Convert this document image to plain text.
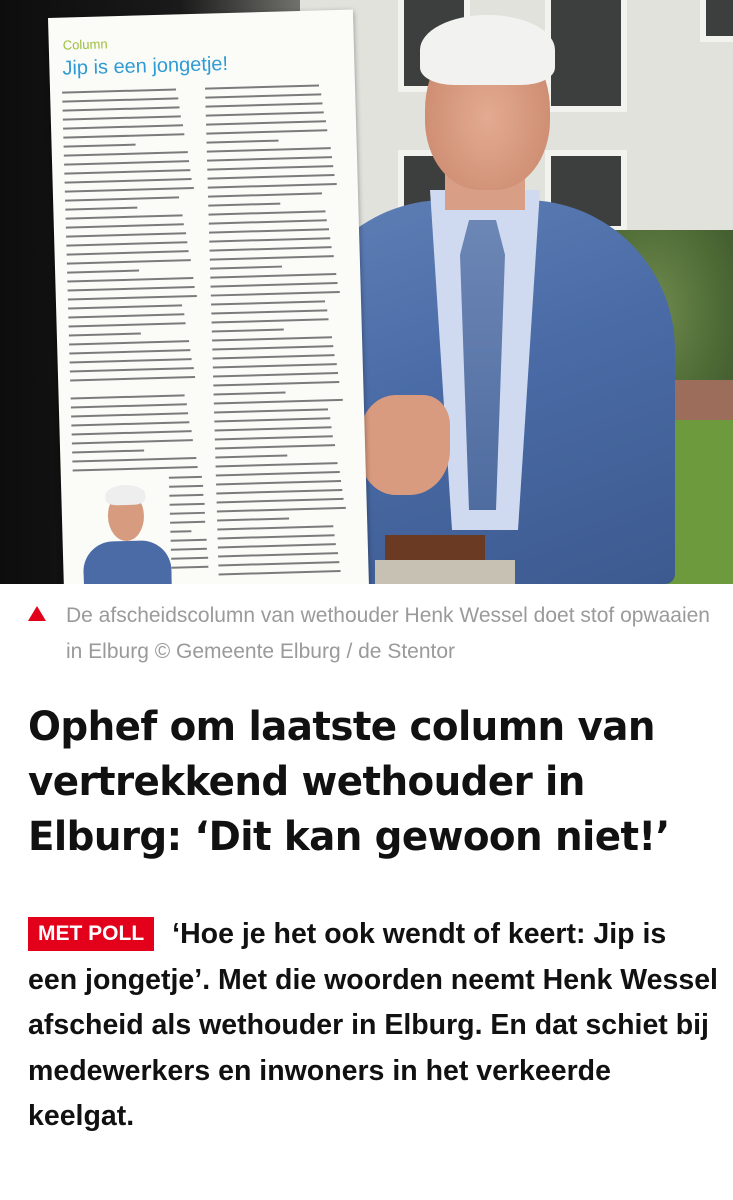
Column
Jip is een jongetje!
De afscheidscolumn van wethouder Henk Wessel doet stof opwaaien in Elburg © Gemeente Elburg / de Stentor
Ophef om laatste column van vertrekkend wethouder in Elburg: ‘Dit kan gewoon niet!’
MET POLL ‘Hoe je het ook wendt of keert: Jip is een jongetje’. Met die woorden neemt Henk Wessel afscheid als wethouder in Elburg. En dat schiet bij medewerkers en inwoners in het verkeerde keelgat.
